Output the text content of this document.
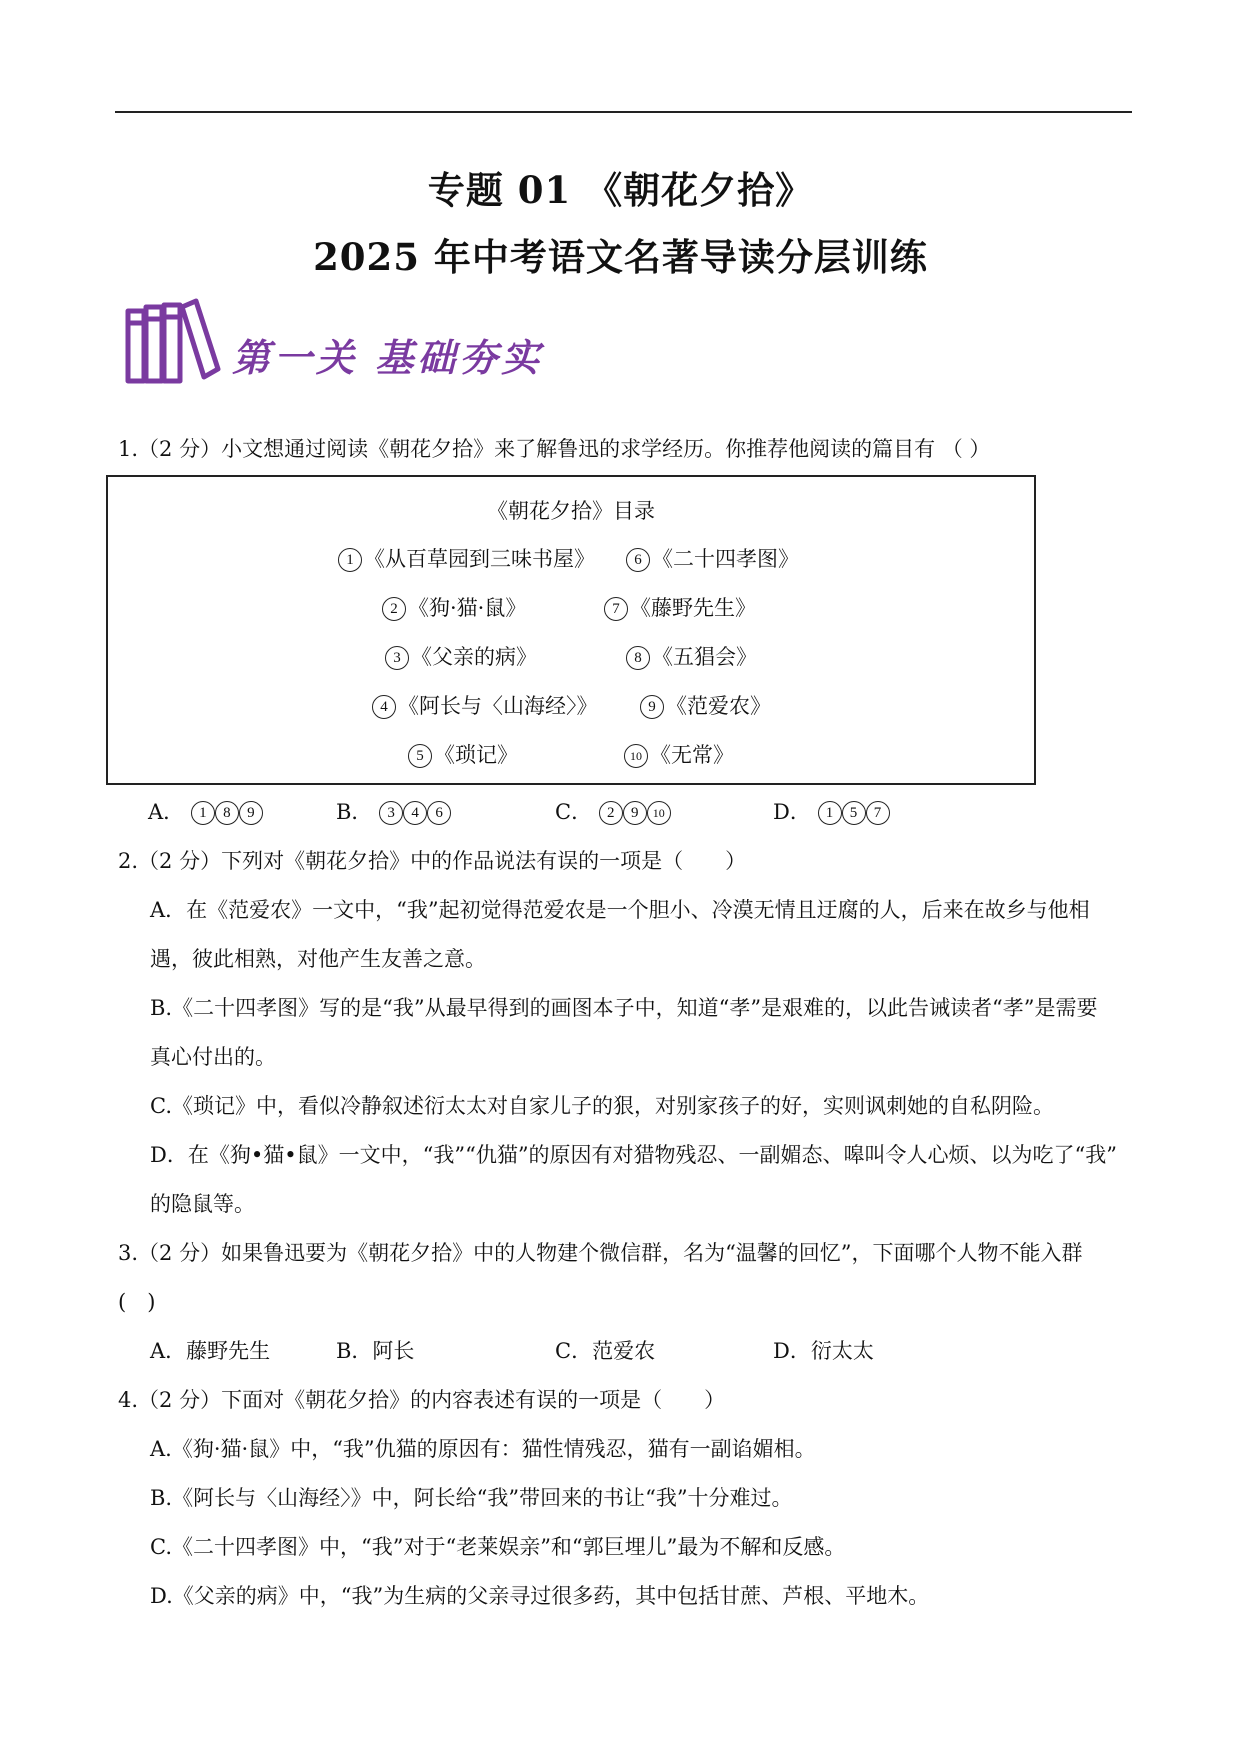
专题 01 《朝花夕拾》
2025 年中考语文名著导读分层训练
第一关 基础夯实
1.（2 分）小文想通过阅读《朝花夕拾》来了解鲁迅的求学经历。你推荐他阅读的篇目有 （ ）
《朝花夕拾》目录
1 《从百草园到三味书屋》	6 《二十四孝图》
2 《狗·猫·鼠》	7 《藤野先生》
3 《父亲的病》	8 《五猖会》
4 《阿长与〈山海经〉》	9 《范爱农》
5 《琐记》	10 《无常》
A． 1 8 9	B． 3 4 6	C． 2 9 10	D． 1 5 7
2.（2 分）下列对《朝花夕拾》中的作品说法有误的一项是（　　）
A．在《范爱农》一文中，“我”起初觉得范爱农是一个胆小、冷漠无情且迂腐的人，后来在故乡与他相
遇，彼此相熟，对他产生友善之意。
B.《二十四孝图》写的是“我”从最早得到的画图本子中，知道“孝”是艰难的，以此告诫读者“孝”是需要
真心付出的。
C.《琐记》中，看似冷静叙述衍太太对自家儿子的狠，对别家孩子的好，实则讽刺她的自私阴险。
D．在《狗•猫•鼠》一文中，“我”“仇猫”的原因有对猎物残忍、一副媚态、嗥叫令人心烦、以为吃了“我”
的隐鼠等。
3.（2 分）如果鲁迅要为《朝花夕拾》中的人物建个微信群，名为“温馨的回忆”，下面哪个人物不能入群
(　)
A．藤野先生	B．阿长	C．范爱农	D．衍太太
4.（2 分）下面对《朝花夕拾》的内容表述有误的一项是（　　）
A.《狗·猫·鼠》中，“我”仇猫的原因有：猫性情残忍，猫有一副谄媚相。
B.《阿长与〈山海经〉》中，阿长给“我”带回来的书让“我”十分难过。
C.《二十四孝图》中，“我”对于“老莱娱亲”和“郭巨埋儿”最为不解和反感。
D.《父亲的病》中，“我”为生病的父亲寻过很多药，其中包括甘蔗、芦根、平地木。
